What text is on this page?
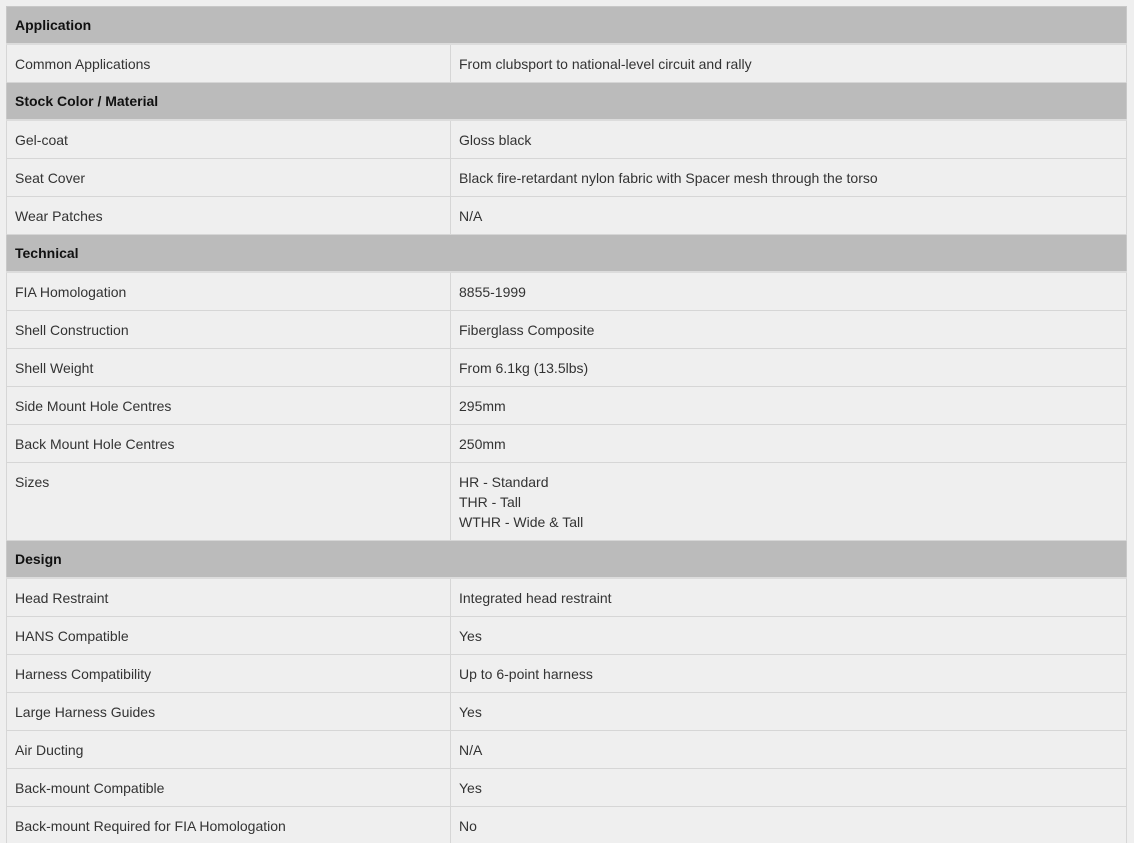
Application	
Common Applications	From clubsport to national-level circuit and rally

Stock Color / Material	
Gel-coat	Gloss black

Seat Cover	Black fire-retardant nylon fabric with Spacer mesh through the torso

Wear Patches	N/A

Technical	
FIA Homologation	8855-1999

Shell Construction	Fiberglass Composite

Shell Weight	From 6.1kg (13.5lbs)

Side Mount Hole Centres	295mm

Back Mount Hole Centres	250mm

Sizes	HR - Standard
THR - Tall
WTHR - Wide & Tall

Design	
Head Restraint	Integrated head restraint

HANS Compatible	Yes

Harness Compatibility	Up to 6-point harness

Large Harness Guides	Yes

Air Ducting	N/A

Back-mount Compatible	Yes

Back-mount Required for FIA Homologation	No
